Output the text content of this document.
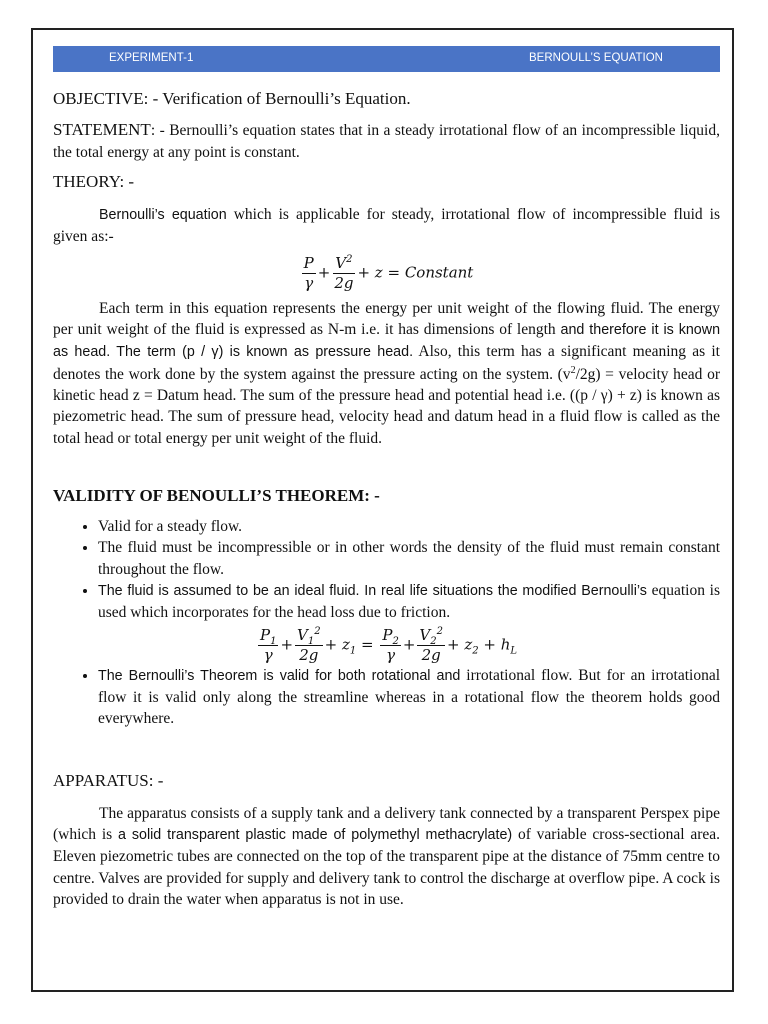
EXPERIMENT-1	BERNOULL’S EQUATION

OBJECTIVE: - Verification of Bernoulli’s Equation.

STATEMENT: - Bernoulli’s equation states that in a steady irrotational flow of an incompressible liquid, the total energy at any point is constant.

THEORY: -

Bernoulli’s equation which is applicable for steady, irrotational flow of incompressible fluid is given as:-

$\frac{P}{\gamma} + \frac{V^2}{2g} + z$ = Constant

Each term in this equation represents the energy per unit weight of the flowing fluid. The energy per unit weight of the fluid is expressed as N-m i.e. it has dimensions of length and therefore it is known as head. The term (p / γ) is known as pressure head. Also, this term has a significant meaning as it denotes the work done by the system against the pressure acting on the system. $(v^2/2g)$ = velocity head or kinetic head z = Datum head. The sum of the pressure head and potential head i.e. ((p / γ) + z) is known as piezometric head. The sum of pressure head, velocity head and datum head in a fluid flow is called as the total head or total energy per unit weight of the fluid.

VALIDITY OF BENOULLI’S THEOREM: -

• Valid for a steady flow.
• The fluid must be incompressible or in other words the density of the fluid must remain constant throughout the flow.
• The fluid is assumed to be an ideal fluid. In real life situations the modified Bernoulli’s equation is used which incorporates for the head loss due to friction.
$\frac{P_1}{\gamma} + \frac{V_1^2}{2g} + z_1 = \frac{P_2}{\gamma} + \frac{V_2^2}{2g} + z_2 + h_L$
• The Bernoulli’s Theorem is valid for both rotational and irrotational flow. But for an irrotational flow it is valid only along the streamline whereas in a rotational flow the theorem holds good everywhere.

APPARATUS: -

The apparatus consists of a supply tank and a delivery tank connected by a transparent Perspex pipe (which is a solid transparent plastic made of polymethyl methacrylate) of variable cross-sectional area. Eleven piezometric tubes are connected on the top of the transparent pipe at the distance of 75mm centre to centre. Valves are provided for supply and delivery tank to control the discharge at overflow pipe. A cock is provided to drain the water when apparatus is not in use.
